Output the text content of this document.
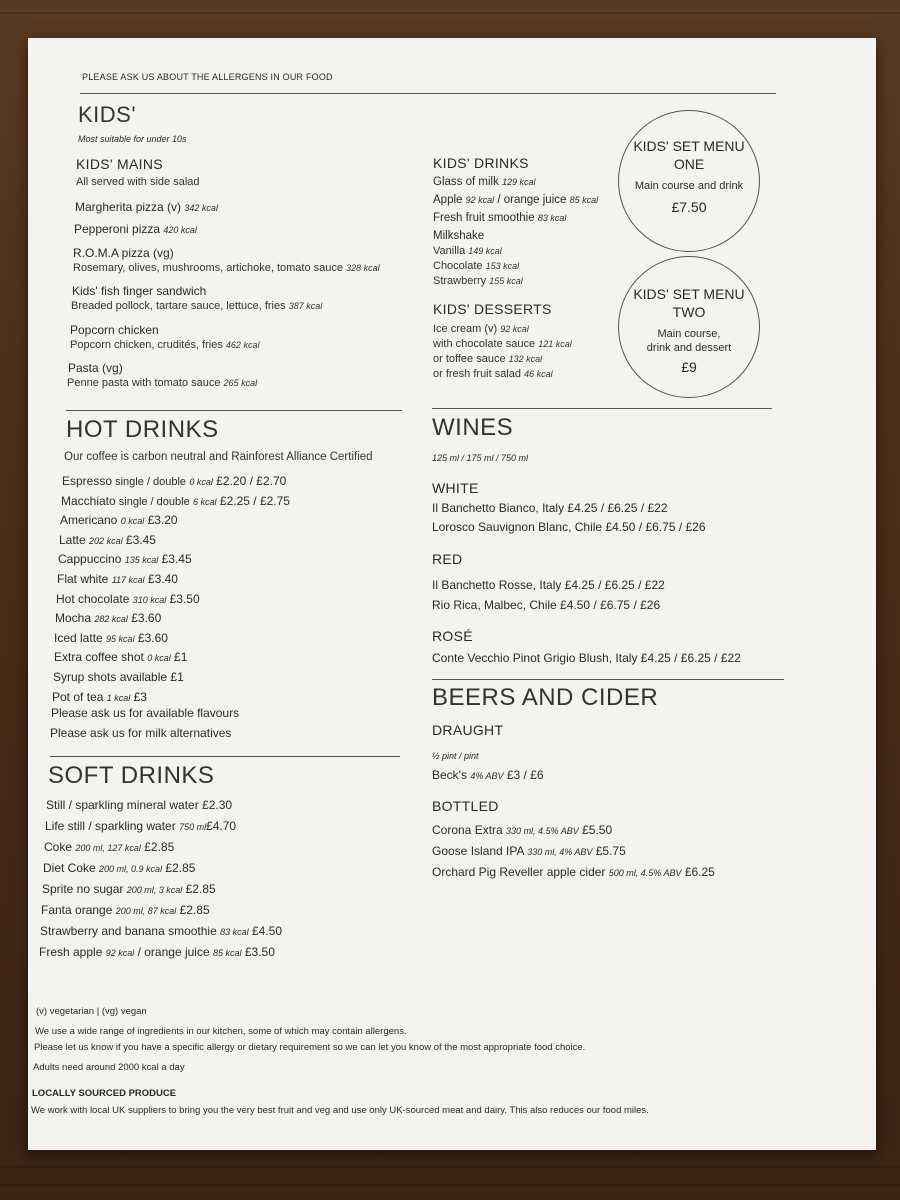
PLEASE ASK US ABOUT THE ALLERGENS IN OUR FOOD
KIDS'
Most suitable for under 10s
KIDS' MAINS
All served with side salad
Margherita pizza (v) 342 kcal
Pepperoni pizza 420 kcal
R.O.M.A pizza (vg)
Rosemary, olives, mushrooms, artichoke, tomato sauce 328 kcal
Kids' fish finger sandwich
Breaded pollock, tartare sauce, lettuce, fries 387 kcal
Popcorn chicken
Popcorn chicken, crudités, fries 462 kcal
Pasta (vg)
Penne pasta with tomato sauce 265 kcal
KIDS' DRINKS
Glass of milk 129 kcal
Apple 92 kcal / orange juice 85 kcal
Fresh fruit smoothie 83 kcal
Milkshake
Vanilla 149 kcal
Chocolate 153 kcal
Strawberry 155 kcal
KIDS' DESSERTS
Ice cream (v) 92 kcal
with chocolate sauce 121 kcal
or toffee sauce 132 kcal
or fresh fruit salad 46 kcal
KIDS' SET MENU
ONE
Main course and drink
£7.50
KIDS' SET MENU
TWO
Main course,
drink and dessert
£9
HOT DRINKS
Our coffee is carbon neutral and Rainforest Alliance Certified
Espresso single / double 0 kcal £2.20 / £2.70
Macchiato single / double 6 kcal £2.25 / £2.75
Americano 0 kcal £3.20
Latte 202 kcal £3.45
Cappuccino 135 kcal £3.45
Flat white 117 kcal £3.40
Hot chocolate 310 kcal £3.50
Mocha 282 kcal £3.60
Iced latte 95 kcal £3.60
Extra coffee shot 0 kcal £1
Syrup shots available £1
Pot of tea 1 kcal £3
Please ask us for available flavours
Please ask us for milk alternatives
SOFT DRINKS
Still / sparkling mineral water £2.30
Life still / sparkling water 750 ml£4.70
Coke 200 ml, 127 kcal £2.85
Diet Coke 200 ml, 0.9 kcal £2.85
Sprite no sugar 200 ml, 3 kcal £2.85
Fanta orange 200 ml, 87 kcal £2.85
Strawberry and banana smoothie 83 kcal £4.50
Fresh apple 92 kcal / orange juice 85 kcal £3.50
WINES
125 ml / 175 ml / 750 ml
WHITE
Il Banchetto Bianco, Italy £4.25 / £6.25 / £22
Lorosco Sauvignon Blanc, Chile £4.50 / £6.75 / £26
RED
Il Banchetto Rosse, Italy £4.25 / £6.25 / £22
Rio Rica, Malbec, Chile £4.50 / £6.75 / £26
ROSÉ
Conte Vecchio Pinot Grigio Blush, Italy £4.25 / £6.25 / £22
BEERS AND CIDER
DRAUGHT
½ pint / pint
Beck's 4% ABV £3 / £6
BOTTLED
Corona Extra 330 ml, 4.5% ABV £5.50
Goose Island IPA 330 ml, 4% ABV £5.75
Orchard Pig Reveller apple cider 500 ml, 4.5% ABV £6.25
(v) vegetarian | (vg) vegan
We use a wide range of ingredients in our kitchen, some of which may contain allergens.
Please let us know if you have a specific allergy or dietary requirement so we can let you know of the most appropriate food choice.
Adults need around 2000 kcal a day
LOCALLY SOURCED PRODUCE
We work with local UK suppliers to bring you the very best fruit and veg and use only UK-sourced meat and dairy. This also reduces our food miles.
